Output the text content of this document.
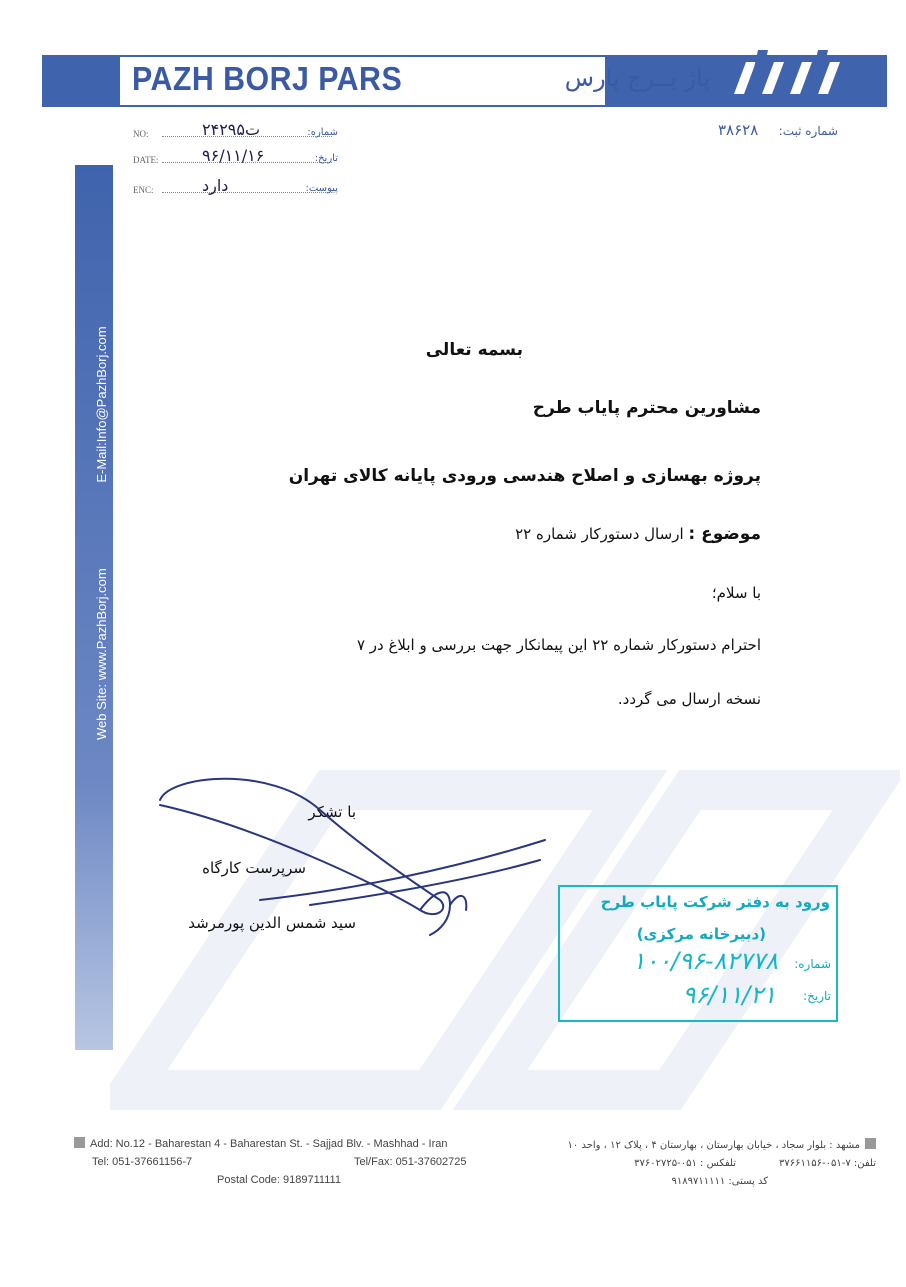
PAZH BORJ PARS	پاژ بــرج پارس
شماره ثبت:
۳۸۶۲۸
NO:	۲۴۲ت۹۵	شماره:
DATE:	۹۶/۱۱/۱۶	تاریخ:
ENC:	دارد	پیوست:
Web Site: www.PazhBorj.com E-Mail:Info@PazhBorj.com	بسمه تعالی
مشاورین محترم پایاب طرح
پروژه بهسازی و اصلاح هندسی ورودی پایانه کالای تهران
موضوع : ارسال دستورکار شماره ۲۲
با سلام؛
احترام دستورکار شماره ۲۲ این پیمانکار جهت بررسی و ابلاغ در ۷
نسخه ارسال می گردد.
با تشکر
سرپرست کارگاه
سید شمس الدین پورمرشد
ورود به دفتر شرکت پایاب طرح
(دبیرخانه مرکزی)
شماره:
۱۰۰/۹۶-۸۲۷۷۸
تاریخ:
۹۶/۱۱/۲۱
Add: No.12 - Baharestan 4 - Baharestan St. - Sajjad Blv. - Mashhad - Iran
Tel: 051-37661156-7	Tel/Fax: 051-37602725
Postal Code: 9189711111
مشهد : بلوار سجاد ، خیابان بهارستان ، بهارستان ۴ ، پلاک ۱۲ ، واحد ۱۰
تلفن: ۷-۰۵۱-۳۷۶۶۱۱۵۶
تلفکس : ۰۵۱-۳۷۶۰۲۷۲۵
کد پستی: ۹۱۸۹۷۱۱۱۱۱
